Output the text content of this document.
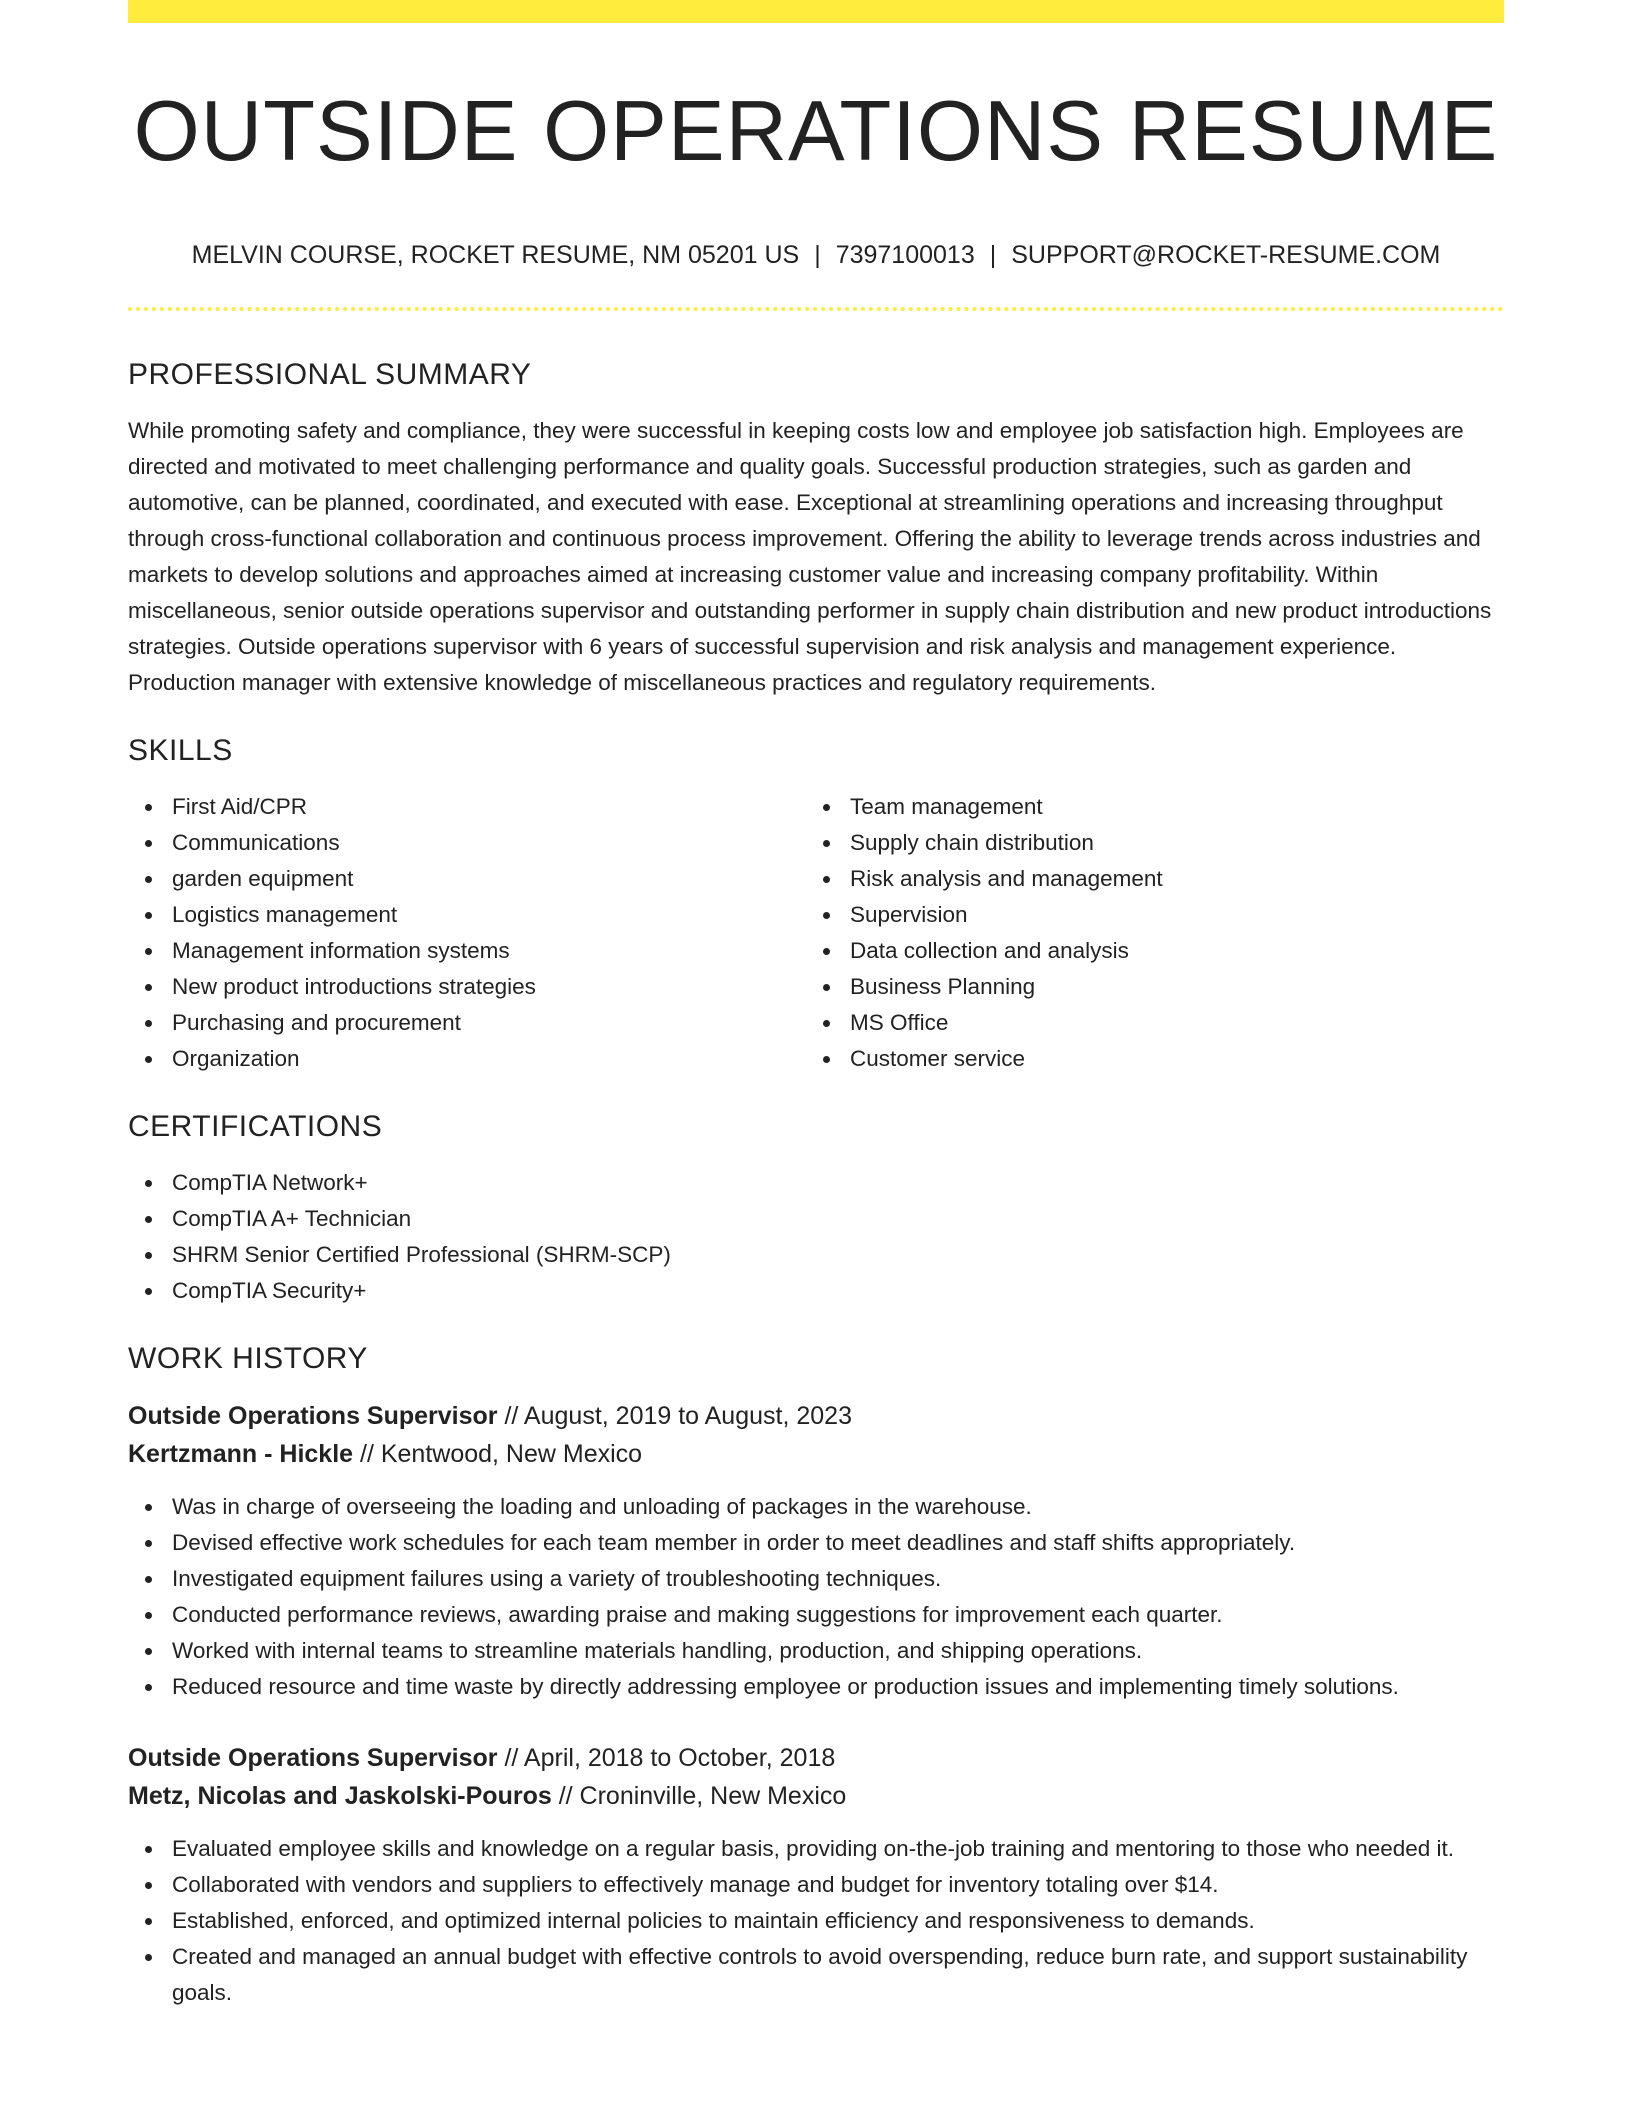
OUTSIDE OPERATIONS RESUME
MELVIN COURSE, ROCKET RESUME, NM 05201 US | 7397100013 | SUPPORT@ROCKET-RESUME.COM
PROFESSIONAL SUMMARY

While promoting safety and compliance, they were successful in keeping costs low and employee job satisfaction high. Employees are directed and motivated to meet challenging performance and quality goals. Successful production strategies, such as garden and automotive, can be planned, coordinated, and executed with ease. Exceptional at streamlining operations and increasing throughput through cross-functional collaboration and continuous process improvement. Offering the ability to leverage trends across industries and markets to develop solutions and approaches aimed at increasing customer value and increasing company profitability. Within miscellaneous, senior outside operations supervisor and outstanding performer in supply chain distribution and new product introductions strategies. Outside operations supervisor with 6 years of successful supervision and risk analysis and management experience. Production manager with extensive knowledge of miscellaneous practices and regulatory requirements.

SKILLS
First Aid/CPR
Communications
garden equipment
Logistics management
Management information systems
New product introductions strategies
Purchasing and procurement
Organization
Team management
Supply chain distribution
Risk analysis and management
Supervision
Data collection and analysis
Business Planning
MS Office
Customer service
CERTIFICATIONS
CompTIA Network+
CompTIA A+ Technician
SHRM Senior Certified Professional (SHRM-SCP)
CompTIA Security+
WORK HISTORY
Outside Operations Supervisor // August, 2019 to August, 2023
Kertzmann - Hickle // Kentwood, New Mexico
Was in charge of overseeing the loading and unloading of packages in the warehouse.
Devised effective work schedules for each team member in order to meet deadlines and staff shifts appropriately.
Investigated equipment failures using a variety of troubleshooting techniques.
Conducted performance reviews, awarding praise and making suggestions for improvement each quarter.
Worked with internal teams to streamline materials handling, production, and shipping operations.
Reduced resource and time waste by directly addressing employee or production issues and implementing timely solutions.
Outside Operations Supervisor // April, 2018 to October, 2018
Metz, Nicolas and Jaskolski-Pouros // Croninville, New Mexico
Evaluated employee skills and knowledge on a regular basis, providing on-the-job training and mentoring to those who needed it.
Collaborated with vendors and suppliers to effectively manage and budget for inventory totaling over $14.
Established, enforced, and optimized internal policies to maintain efficiency and responsiveness to demands.
Created and managed an annual budget with effective controls to avoid overspending, reduce burn rate, and support sustainability goals.
